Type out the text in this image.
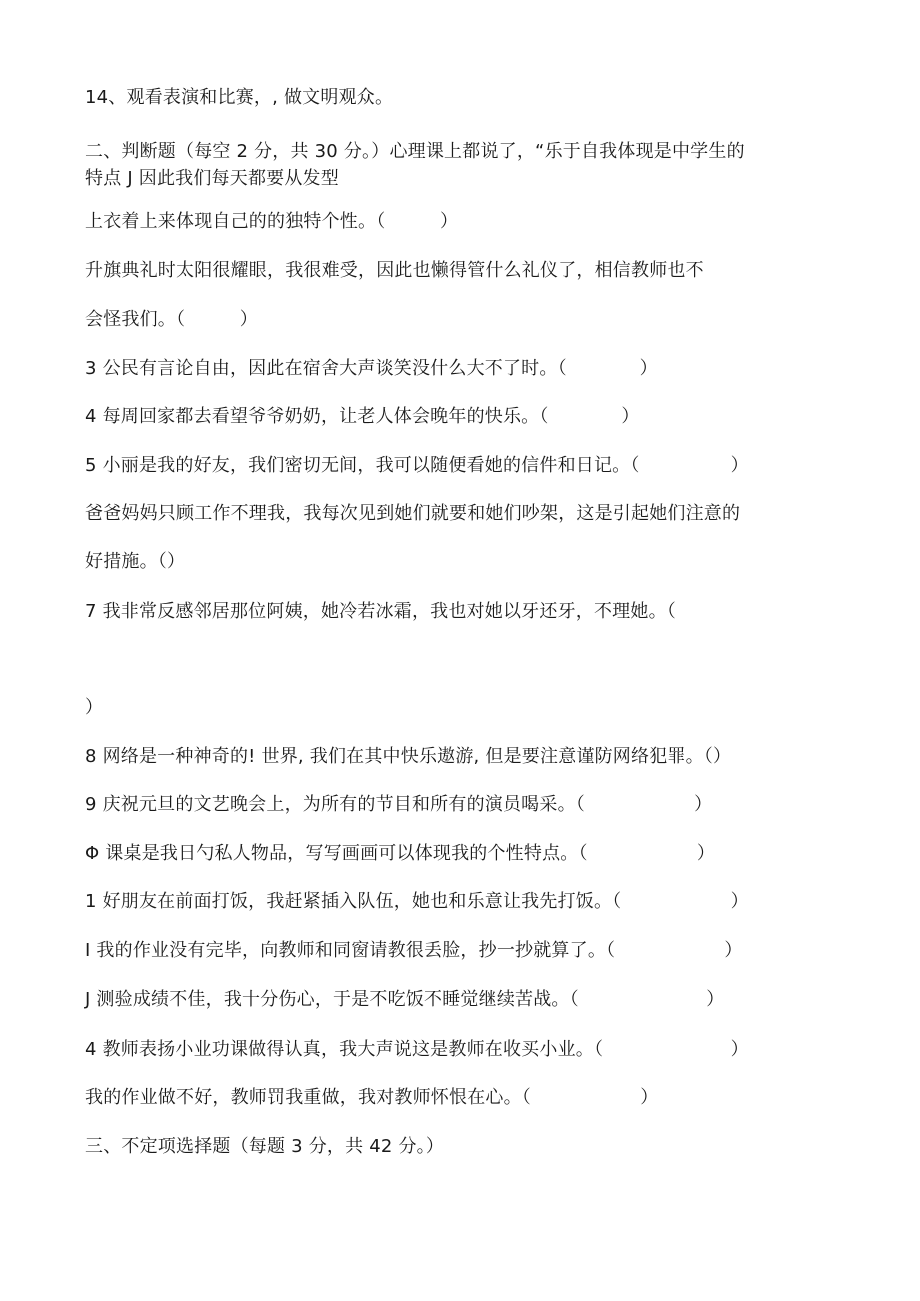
14、观看表演和比赛，, 做文明观众。
二、判断题（每空 2 分，共 30 分。）心理课上都说了，“乐于自我体现是中学生的
特点 J 因此我们每天都要从发型
上衣着上来体现自己的的独特个性。（　　　）
升旗典礼时太阳很耀眼，我很难受，因此也懒得管什么礼仪了，相信教师也不
会怪我们。（　　　）
3 公民有言论自由，因此在宿舍大声谈笑没什么大不了时。（　　　　）
4 每周回家都去看望爷爷奶奶，让老人体会晚年的快乐。（　　　　）
5 小丽是我的好友，我们密切无间，我可以随便看她的信件和日记。（　　　　　）
爸爸妈妈只顾工作不理我，我每次见到她们就要和她们吵架，这是引起她们注意的
好措施。（）
7 我非常反感邻居那位阿姨，她冷若冰霜，我也对她以牙还牙，不理她。（
）
8 网络是一种神奇的! 世界, 我们在其中快乐遨游, 但是要注意谨防网络犯罪。（）
9 庆祝元旦的文艺晚会上，为所有的节目和所有的演员喝采。（　　　　　　）
Φ 课桌是我日勺私人物品，写写画画可以体现我的个性特点。（　　　　　　）
1 好朋友在前面打饭，我赶紧插入队伍，她也和乐意让我先打饭。（　　　　　　）
I 我的作业没有完毕，向教师和同窗请教很丢脸，抄一抄就算了。（　　　　　　）
J 测验成绩不佳，我十分伤心，于是不吃饭不睡觉继续苦战。（　　　　　　　）
4 教师表扬小业功课做得认真，我大声说这是教师在收买小业。（　　　　　　　）
我的作业做不好，教师罚我重做，我对教师怀恨在心。（　　　　　　）
三、不定项选择题（每题 3 分，共 42 分。）
